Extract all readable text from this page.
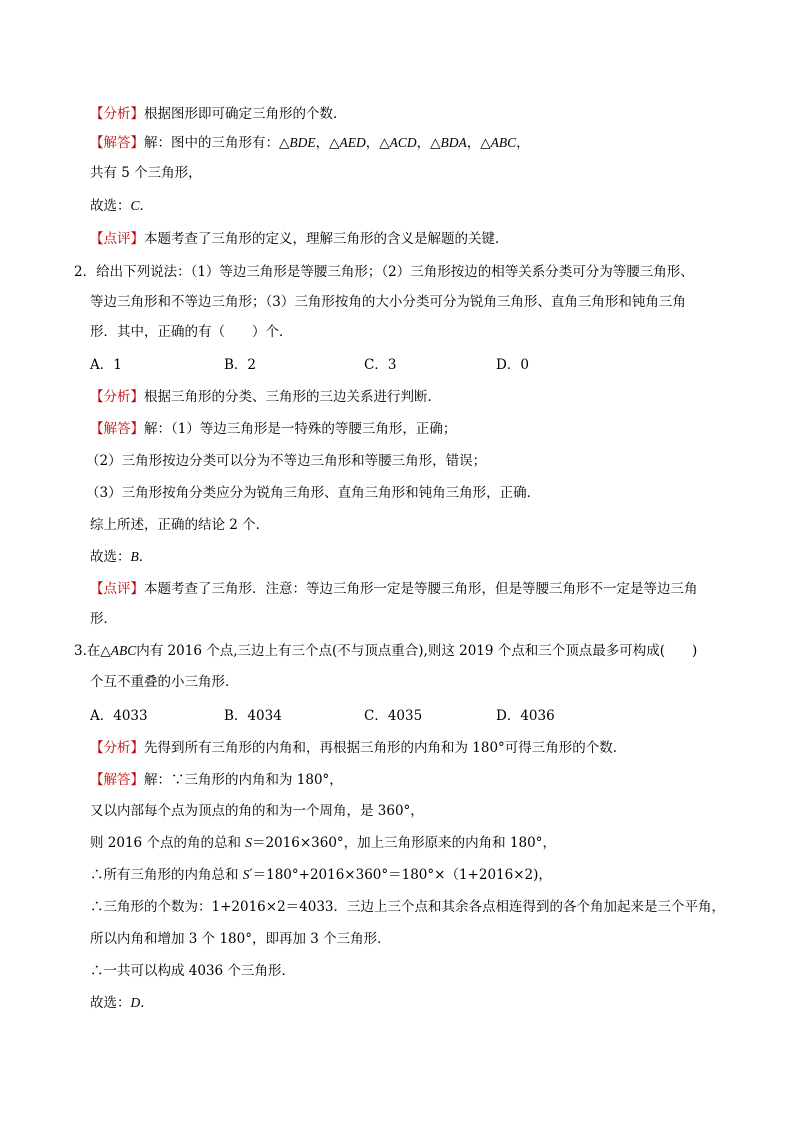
【分析】根据图形即可确定三角形的个数．
【解答】解：图中的三角形有：△BDE，△AED，△ACD，△BDA，△ABC，
共有 5 个三角形，
故选：C．
【点评】本题考查了三角形的定义，理解三角形的含义是解题的关键．
2．给出下列说法：（1）等边三角形是等腰三角形；（2）三角形按边的相等关系分类可分为等腰三角形、
等边三角形和不等边三角形；（3）三角形按角的大小分类可分为锐角三角形、直角三角形和钝角三角
形．其中，正确的有（　　）个．
A．1	B．2	C．3	D．0
【分析】根据三角形的分类、三角形的三边关系进行判断．
【解答】解：（1）等边三角形是一特殊的等腰三角形，正确；
（2）三角形按边分类可以分为不等边三角形和等腰三角形，错误；
（3）三角形按角分类应分为锐角三角形、直角三角形和钝角三角形，正确．
综上所述，正确的结论 2 个．
故选：B．
【点评】本题考查了三角形．注意：等边三角形一定是等腰三角形，但是等腰三角形不一定是等边三角
形．
3.在△ABC内有 2016 个点,三边上有三个点(不与顶点重合),则这 2019 个点和三个顶点最多可构成(　　)
个互不重叠的小三角形．
A．4033	B．4034	C．4035	D．4036
【分析】先得到所有三角形的内角和，再根据三角形的内角和为 180°可得三角形的个数．
【解答】解：∵三角形的内角和为 180°，
又以内部每个点为顶点的角的和为一个周角，是 360°，
则 2016 个点的角的总和 S＝2016×360°，加上三角形原来的内角和 180°，
∴所有三角形的内角总和 S′＝180°+2016×360°＝180°×（1+2016×2)，
∴三角形的个数为：1+2016×2＝4033．三边上三个点和其余各点相连得到的各个角加起来是三个平角，
所以内角和增加 3 个 180°，即再加 3 个三角形．
∴一共可以构成 4036 个三角形．
故选：D．
